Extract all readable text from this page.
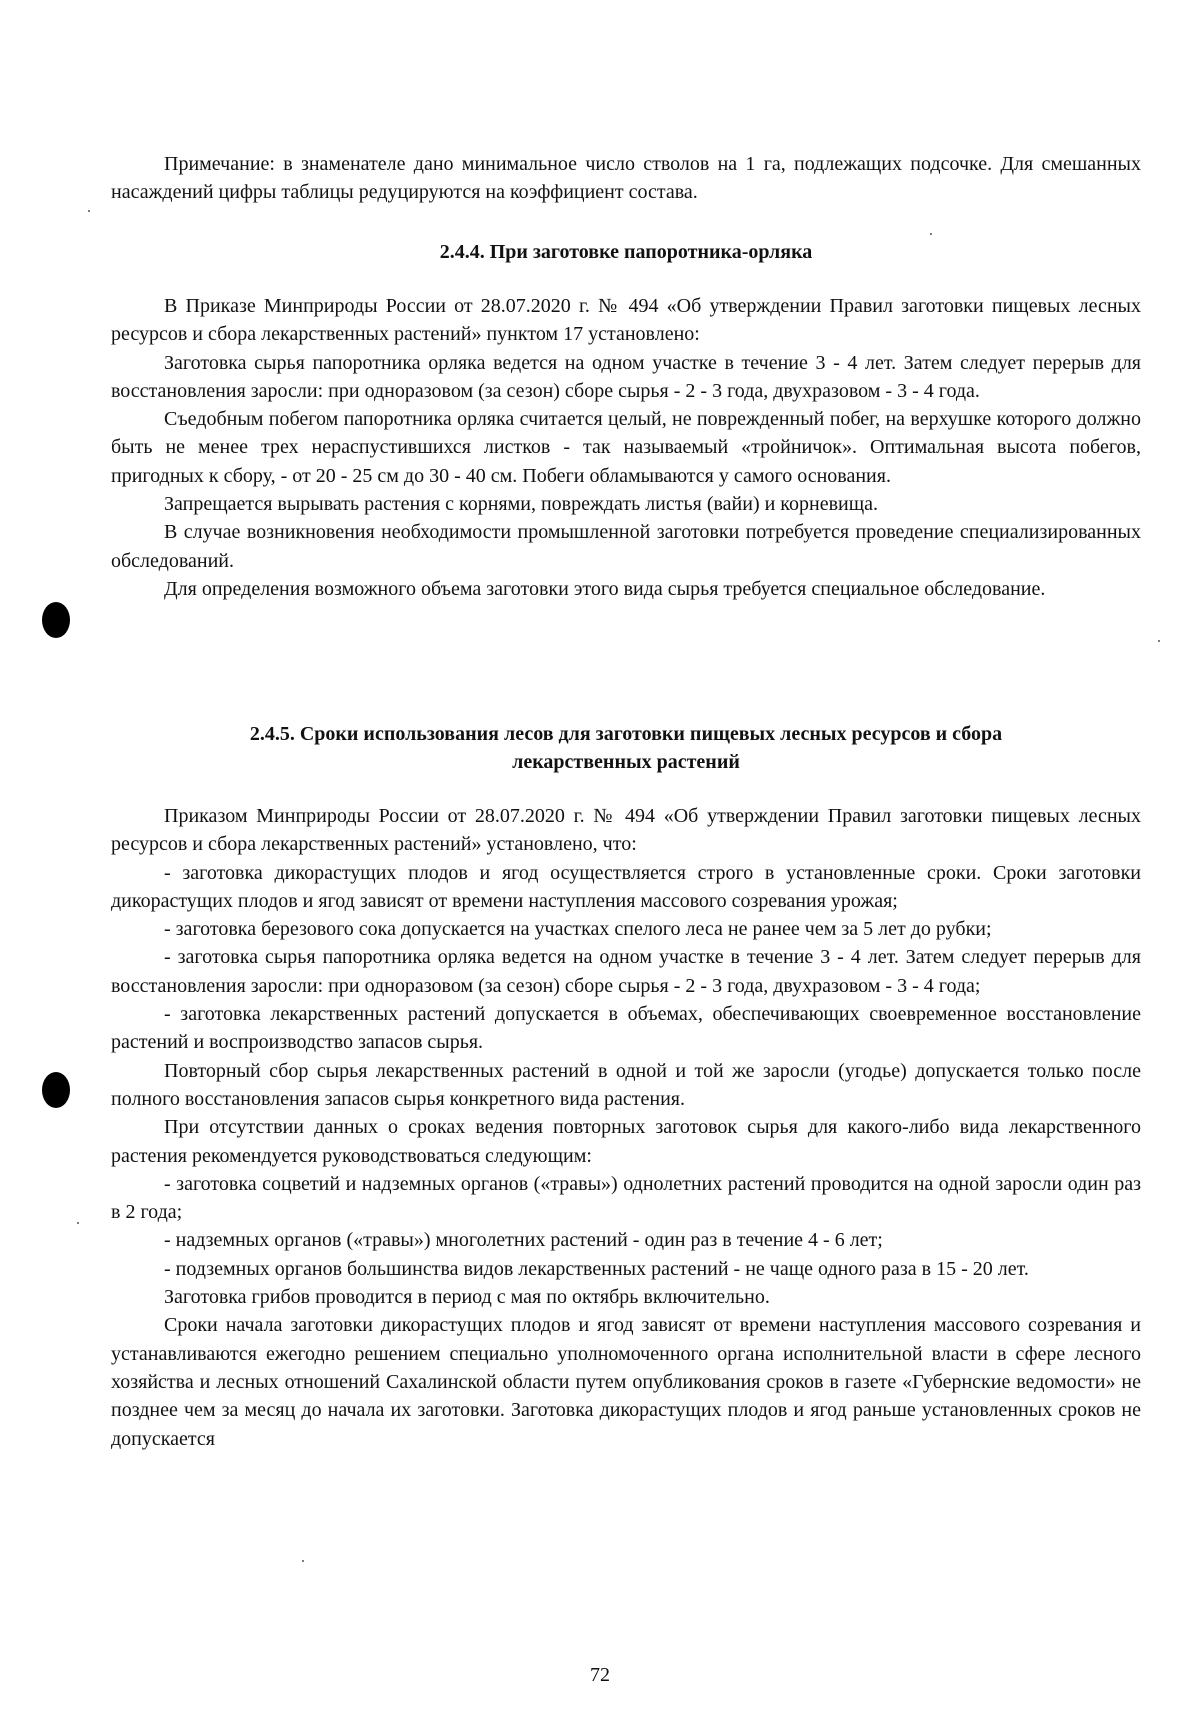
Примечание: в знаменателе дано минимальное число стволов на 1 га, подлежащих подсочке. Для смешанных насаждений цифры таблицы редуцируются на коэффициент состава.

2.4.4. При заготовке папоротника-орляка

В Приказе Минприроды России от 28.07.2020 г. № 494 «Об утверждении Правил заготовки пищевых лесных ресурсов и сбора лекарственных растений» пунктом 17 установлено:

Заготовка сырья папоротника орляка ведется на одном участке в течение 3 - 4 лет. Затем следует перерыв для восстановления заросли: при одноразовом (за сезон) сборе сырья - 2 - 3 года, двухразовом - 3 - 4 года.

Съедобным побегом папоротника орляка считается целый, не поврежденный побег, на верхушке которого должно быть не менее трех нераспустившихся листков - так называемый «тройничок». Оптимальная высота побегов, пригодных к сбору, - от 20 - 25 см до 30 - 40 см. Побеги обламываются у самого основания.

Запрещается вырывать растения с корнями, повреждать листья (вайи) и корневища.

В случае возникновения необходимости промышленной заготовки потребуется проведение специализированных обследований.

Для определения возможного объема заготовки этого вида сырья требуется специальное обследование.

2.4.5. Сроки использования лесов для заготовки пищевых лесных ресурсов и сбора

лекарственных растений

Приказом Минприроды России от 28.07.2020 г. № 494 «Об утверждении Правил заготовки пищевых лесных ресурсов и сбора лекарственных растений» установлено, что:

- заготовка дикорастущих плодов и ягод осуществляется строго в установленные сроки. Сроки заготовки дикорастущих плодов и ягод зависят от времени наступления массового созревания урожая;

- заготовка березового сока допускается на участках спелого леса не ранее чем за 5 лет до рубки;

- заготовка сырья папоротника орляка ведется на одном участке в течение 3 - 4 лет. Затем следует перерыв для восстановления заросли: при одноразовом (за сезон) сборе сырья - 2 - 3 года, двухразовом - 3 - 4 года;

- заготовка лекарственных растений допускается в объемах, обеспечивающих своевременное восстановление растений и воспроизводство запасов сырья.

Повторный сбор сырья лекарственных растений в одной и той же заросли (угодье) допускается только после полного восстановления запасов сырья конкретного вида растения.

При отсутствии данных о сроках ведения повторных заготовок сырья для какого-либо вида лекарственного растения рекомендуется руководствоваться следующим:

- заготовка соцветий и надземных органов («травы») однолетних растений проводится на одной заросли один раз в 2 года;

- надземных органов («травы») многолетних растений - один раз в течение 4 - 6 лет;

- подземных органов большинства видов лекарственных растений - не чаще одного раза в 15 - 20 лет.

Заготовка грибов проводится в период с мая по октябрь включительно.

Сроки начала заготовки дикорастущих плодов и ягод зависят от времени наступления массового созревания и устанавливаются ежегодно решением специально уполномоченного органа исполнительной власти в сфере лесного хозяйства и лесных отношений Сахалинской области путем опубликования сроков в газете «Губернские ведомости» не позднее чем за месяц до начала их заготовки. Заготовка дикорастущих плодов и ягод раньше установленных сроков не допускается

72
